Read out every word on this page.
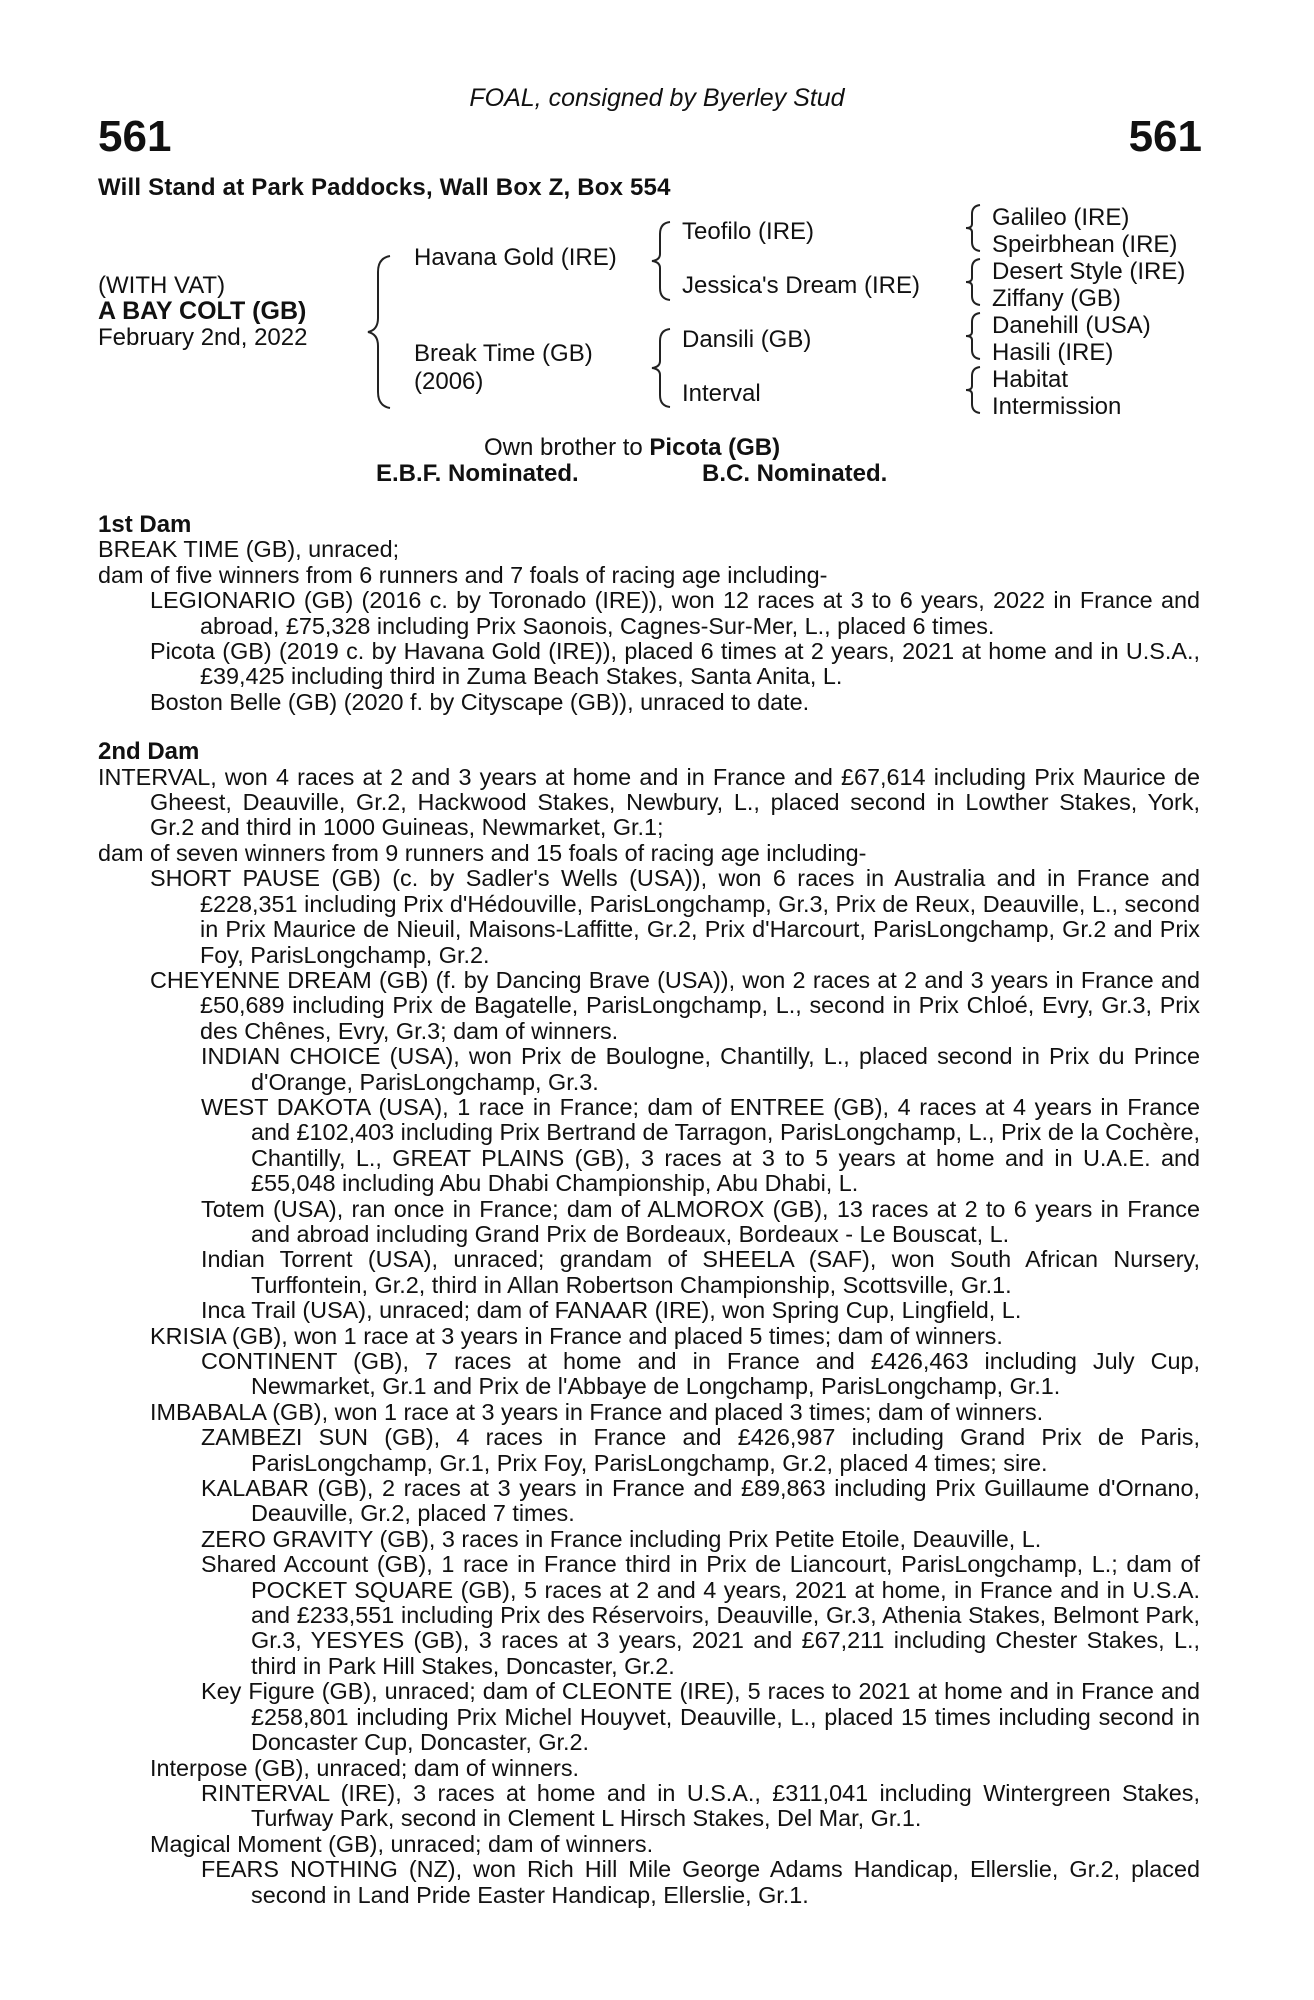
FOAL, consigned by Byerley Stud
561	561
Will Stand at Park Paddocks, Wall Box Z, Box 554
(WITH VAT)
A BAY COLT (GB)
February 2nd, 2022
Havana Gold (IRE)
Break Time (GB)
(2006)
Teofilo (IRE)
Jessica's Dream (IRE)
Dansili (GB)
Interval
Galileo (IRE)
Speirbhean (IRE)
Desert Style (IRE)
Ziffany (GB)
Danehill (USA)
Hasili (IRE)
Habitat
Intermission
Own brother to Picota (GB)
E.B.F. Nominated.	B.C. Nominated.

1st Dam

BREAK TIME (GB), unraced;

dam of five winners from 6 runners and 7 foals of racing age including-

LEGIONARIO (GB) (2016 c. by Toronado (IRE)), won 12 races at 3 to 6 years, 2022 in France and abroad, £75,328 including Prix Saonois, Cagnes-Sur-Mer, L., placed 6 times.

Picota (GB) (2019 c. by Havana Gold (IRE)), placed 6 times at 2 years, 2021 at home and in U.S.A., £39,425 including third in Zuma Beach Stakes, Santa Anita, L.

Boston Belle (GB) (2020 f. by Cityscape (GB)), unraced to date.

2nd Dam

INTERVAL, won 4 races at 2 and 3 years at home and in France and £67,614 including Prix Maurice de Gheest, Deauville, Gr.2, Hackwood Stakes, Newbury, L., placed second in Lowther Stakes, York, Gr.2 and third in 1000 Guineas, Newmarket, Gr.1;

dam of seven winners from 9 runners and 15 foals of racing age including-

SHORT PAUSE (GB) (c. by Sadler's Wells (USA)), won 6 races in Australia and in France and £228,351 including Prix d'Hédouville, ParisLongchamp, Gr.3, Prix de Reux, Deauville, L., second in Prix Maurice de Nieuil, Maisons-Laffitte, Gr.2, Prix d'Harcourt, ParisLongchamp, Gr.2 and Prix Foy, ParisLongchamp, Gr.2.

CHEYENNE DREAM (GB) (f. by Dancing Brave (USA)), won 2 races at 2 and 3 years in France and £50,689 including Prix de Bagatelle, ParisLongchamp, L., second in Prix Chloé, Evry, Gr.3, Prix des Chênes, Evry, Gr.3; dam of winners.

INDIAN CHOICE (USA), won Prix de Boulogne, Chantilly, L., placed second in Prix du Prince d'Orange, ParisLongchamp, Gr.3.

WEST DAKOTA (USA), 1 race in France; dam of ENTREE (GB), 4 races at 4 years in France and £102,403 including Prix Bertrand de Tarragon, ParisLongchamp, L., Prix de la Cochère, Chantilly, L., GREAT PLAINS (GB), 3 races at 3 to 5 years at home and in U.A.E. and £55,048 including Abu Dhabi Championship, Abu Dhabi, L.

Totem (USA), ran once in France; dam of ALMOROX (GB), 13 races at 2 to 6 years in France and abroad including Grand Prix de Bordeaux, Bordeaux - Le Bouscat, L.

Indian Torrent (USA), unraced; grandam of SHEELA (SAF), won South African Nursery, Turffontein, Gr.2, third in Allan Robertson Championship, Scottsville, Gr.1.

Inca Trail (USA), unraced; dam of FANAAR (IRE), won Spring Cup, Lingfield, L.

KRISIA (GB), won 1 race at 3 years in France and placed 5 times; dam of winners.

CONTINENT (GB), 7 races at home and in France and £426,463 including July Cup, Newmarket, Gr.1 and Prix de l'Abbaye de Longchamp, ParisLongchamp, Gr.1.

IMBABALA (GB), won 1 race at 3 years in France and placed 3 times; dam of winners.

ZAMBEZI SUN (GB), 4 races in France and £426,987 including Grand Prix de Paris, ParisLongchamp, Gr.1, Prix Foy, ParisLongchamp, Gr.2, placed 4 times; sire.

KALABAR (GB), 2 races at 3 years in France and £89,863 including Prix Guillaume d'Ornano, Deauville, Gr.2, placed 7 times.

ZERO GRAVITY (GB), 3 races in France including Prix Petite Etoile, Deauville, L.

Shared Account (GB), 1 race in France third in Prix de Liancourt, ParisLongchamp, L.; dam of POCKET SQUARE (GB), 5 races at 2 and 4 years, 2021 at home, in France and in U.S.A. and £233,551 including Prix des Réservoirs, Deauville, Gr.3, Athenia Stakes, Belmont Park, Gr.3, YESYES (GB), 3 races at 3 years, 2021 and £67,211 including Chester Stakes, L., third in Park Hill Stakes, Doncaster, Gr.2.

Key Figure (GB), unraced; dam of CLEONTE (IRE), 5 races to 2021 at home and in France and £258,801 including Prix Michel Houyvet, Deauville, L., placed 15 times including second in Doncaster Cup, Doncaster, Gr.2.

Interpose (GB), unraced; dam of winners.

RINTERVAL (IRE), 3 races at home and in U.S.A., £311,041 including Wintergreen Stakes, Turfway Park, second in Clement L Hirsch Stakes, Del Mar, Gr.1.

Magical Moment (GB), unraced; dam of winners.

FEARS NOTHING (NZ), won Rich Hill Mile George Adams Handicap, Ellerslie, Gr.2, placed second in Land Pride Easter Handicap, Ellerslie, Gr.1.
